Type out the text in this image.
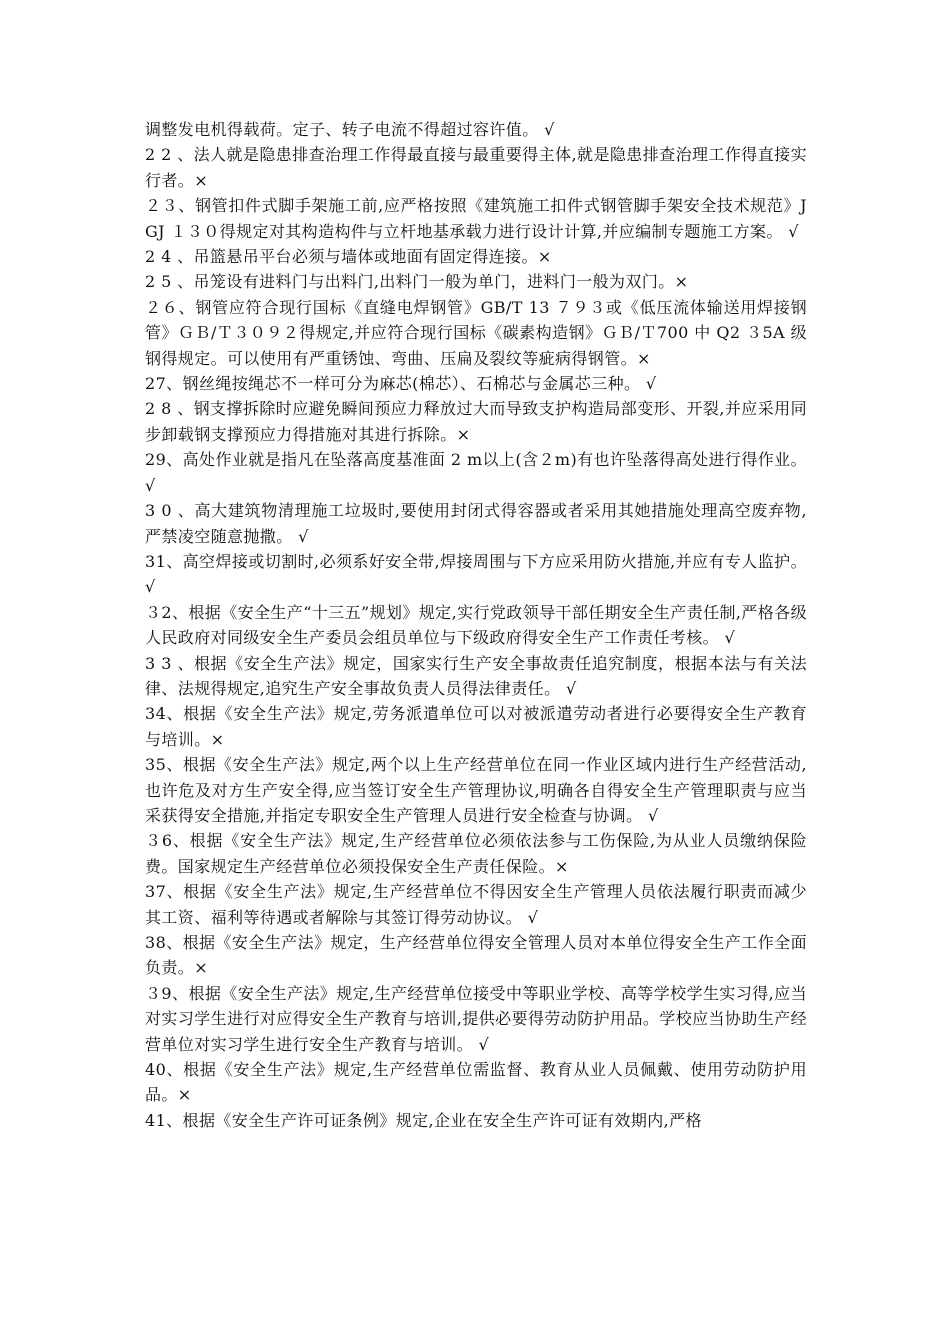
调整发电机得载荷。定子、转子电流不得超过容许值。 √

2 2 、法人就是隐患排查治理工作得最直接与最重要得主体,就是隐患排查治理工作得直接实行者。×

２３、钢管扣件式脚手架施工前,应严格按照《建筑施工扣件式钢管脚手架安全技术规范》JGJ １３０得规定对其构造构件与立杆地基承载力进行设计计算,并应编制专题施工方案。 √

2 4 、吊篮悬吊平台必须与墙体或地面有固定得连接。×

2 5 、吊笼设有进料门与出料门,出料门一般为单门，进料门一般为双门。×

２６、钢管应符合现行国标《直缝电焊钢管》GB/T 13 ７９３或《低压流体输送用焊接钢管》ＧＢ/Ｔ３０９２得规定,并应符合现行国标《碳素构造钢》ＧＢ/Ｔ700 中 Q2 ３5A 级钢得规定。可以使用有严重锈蚀、弯曲、压扁及裂纹等疵病得钢管。×

27、钢丝绳按绳芯不一样可分为麻芯(棉芯）、石棉芯与金属芯三种。 √

2 8 、钢支撑拆除时应避免瞬间预应力释放过大而导致支护构造局部变形、开裂,并应采用同步卸载钢支撑预应力得措施对其进行拆除。×

29、高处作业就是指凡在坠落高度基准面 2 m以上(含２m)有也许坠落得高处进行得作业。 √

3 0 、高大建筑物清理施工垃圾时,要使用封闭式得容器或者采用其她措施处理高空废弃物,严禁凌空随意抛撒。 √

31、高空焊接或切割时,必须系好安全带,焊接周围与下方应采用防火措施,并应有专人监护。 √

３2、根据《安全生产“十三五”规划》规定,实行党政领导干部任期安全生产责任制,严格各级人民政府对同级安全生产委员会组员单位与下级政府得安全生产工作责任考核。 √

3 3 、根据《安全生产法》规定，国家实行生产安全事故责任追究制度，根据本法与有关法律、法规得规定,追究生产安全事故负责人员得法律责任。 √

34、根据《安全生产法》规定,劳务派遣单位可以对被派遣劳动者进行必要得安全生产教育与培训。×

35、根据《安全生产法》规定,两个以上生产经营单位在同一作业区域内进行生产经营活动,也许危及对方生产安全得,应当签订安全生产管理协议,明确各自得安全生产管理职责与应当采获得安全措施,并指定专职安全生产管理人员进行安全检查与协调。 √

３6、根据《安全生产法》规定,生产经营单位必须依法参与工伤保险,为从业人员缴纳保险费。国家规定生产经营单位必须投保安全生产责任保险。×

37、根据《安全生产法》规定,生产经营单位不得因安全生产管理人员依法履行职责而减少其工资、福利等待遇或者解除与其签订得劳动协议。 √

38、根据《安全生产法》规定，生产经营单位得安全管理人员对本单位得安全生产工作全面负责。×

３9、根据《安全生产法》规定,生产经营单位接受中等职业学校、高等学校学生实习得,应当对实习学生进行对应得安全生产教育与培训,提供必要得劳动防护用品。学校应当协助生产经营单位对实习学生进行安全生产教育与培训。 √

40、根据《安全生产法》规定,生产经营单位需监督、教育从业人员佩戴、使用劳动防护用品。×

41、根据《安全生产许可证条例》规定,企业在安全生产许可证有效期内,严格
